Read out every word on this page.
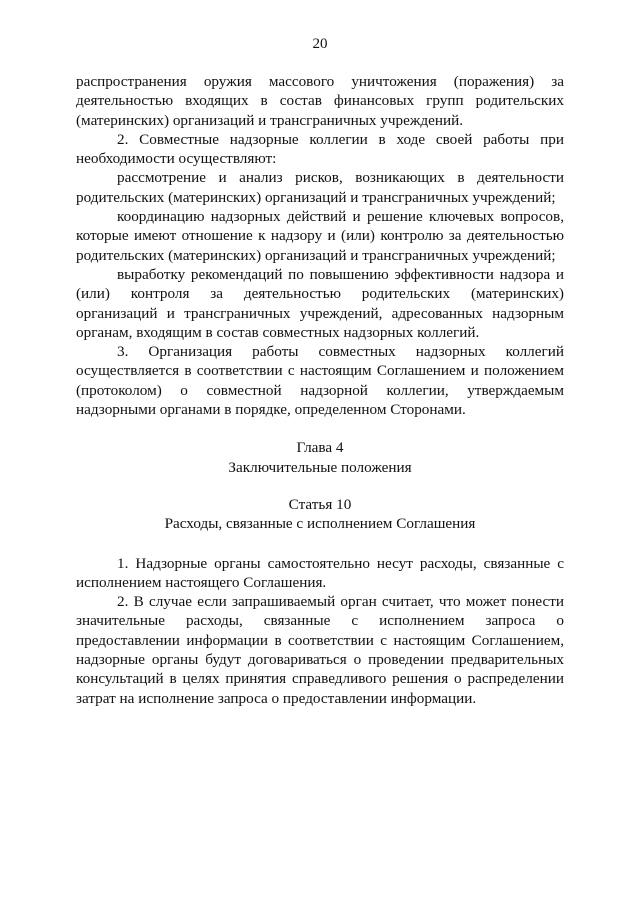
20

распространения оружия массового уничтожения (поражения) за деятельностью входящих в состав финансовых групп родительских (материнских) организаций и трансграничных учреждений.

2. Совместные надзорные коллегии в ходе своей работы при необходимости осуществляют:

рассмотрение и анализ рисков, возникающих в деятельности родительских (материнских) организаций и трансграничных учреждений;

координацию надзорных действий и решение ключевых вопросов, которые имеют отношение к надзору и (или) контролю за деятельностью родительских (материнских) организаций и трансграничных учреждений;

выработку рекомендаций по повышению эффективности надзора и (или) контроля за деятельностью родительских (материнских) организаций и трансграничных учреждений, адресованных надзорным органам, входящим в состав совместных надзорных коллегий.

3. Организация работы совместных надзорных коллегий осуществляется в соответствии с настоящим Соглашением и положением (протоколом) о совместной надзорной коллегии, утверждаемым надзорными органами в порядке, определенном Сторонами.

Глава 4

Заключительные положения

Статья 10

Расходы, связанные с исполнением Соглашения

1. Надзорные органы самостоятельно несут расходы, связанные с исполнением настоящего Соглашения.

2. В случае если запрашиваемый орган считает, что может понести значительные расходы, связанные с исполнением запроса о предоставлении информации в соответствии с настоящим Соглашением, надзорные органы будут договариваться о проведении предварительных консультаций в целях принятия справедливого решения о распределении затрат на исполнение запроса о предоставлении информации.
